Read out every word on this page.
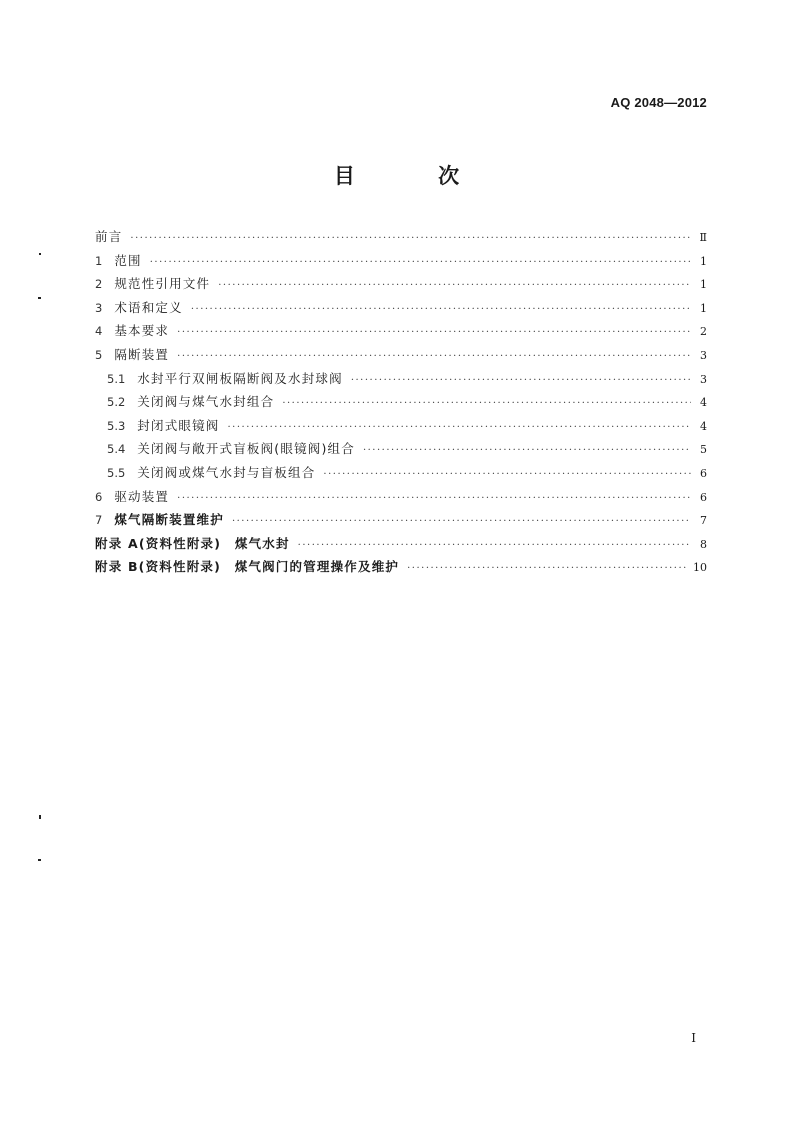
AQ 2048—2012
目 次
前言 ·····	Ⅱ
1 范围 ·····	1
2 规范性引用文件 ·····	1
3 术语和定义 ·····	1
4 基本要求 ·····	2
5 隔断装置 ·····	3
5.1 水封平行双闸板隔断阀及水封球阀 ·····	3
5.2 关闭阀与煤气水封组合 ·····	4
5.3 封闭式眼镜阀 ·····	4
5.4 关闭阀与敞开式盲板阀(眼镜阀)组合 ·····	5
5.5 关闭阀或煤气水封与盲板组合 ·····	6
6 驱动装置 ·····	6
7 煤气隔断装置维护 ·····	7
附录 A(资料性附录)　煤气水封 ·····	8
附录 B(资料性附录)　煤气阀门的管理操作及维护 ·····	10
I
